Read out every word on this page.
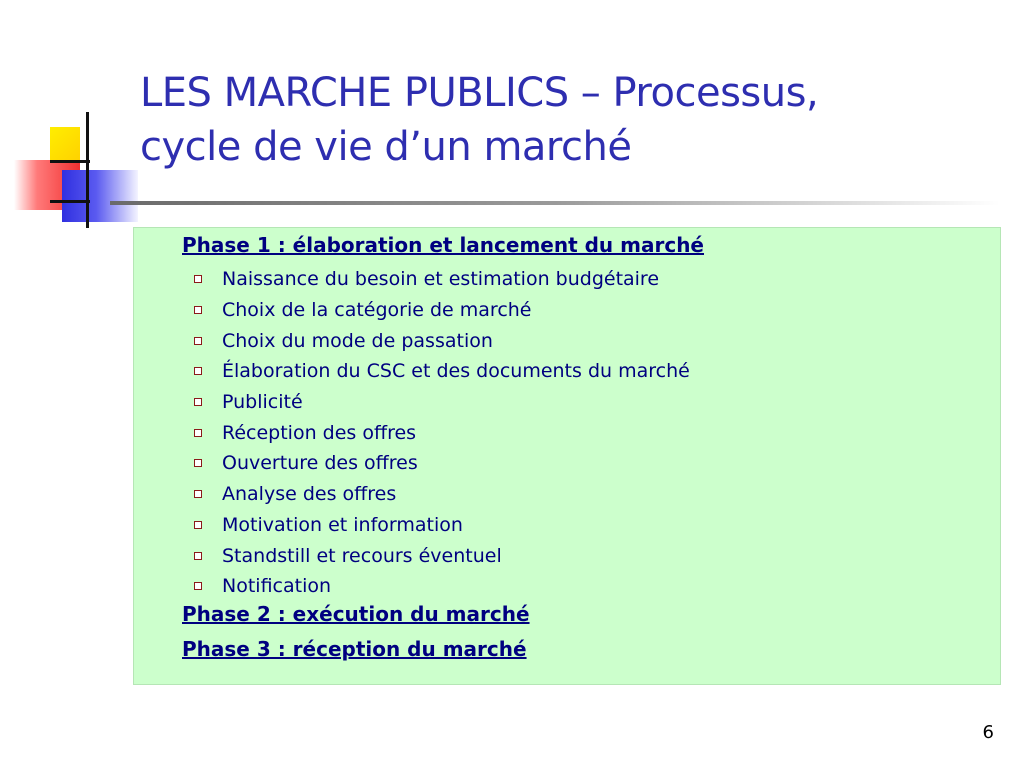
LES MARCHE PUBLICS – Processus,
cycle de vie d’un marché

Phase 1 : élaboration et lancement du marché

Naissance du besoin et estimation budgétaire
Choix de la catégorie de marché
Choix du mode de passation
Élaboration du CSC et des documents du marché
Publicité
Réception des offres
Ouverture des offres
Analyse des offres
Motivation et information
Standstill et recours éventuel
Notification

Phase 2 : exécution du marché

Phase 3 : réception du marché

6
